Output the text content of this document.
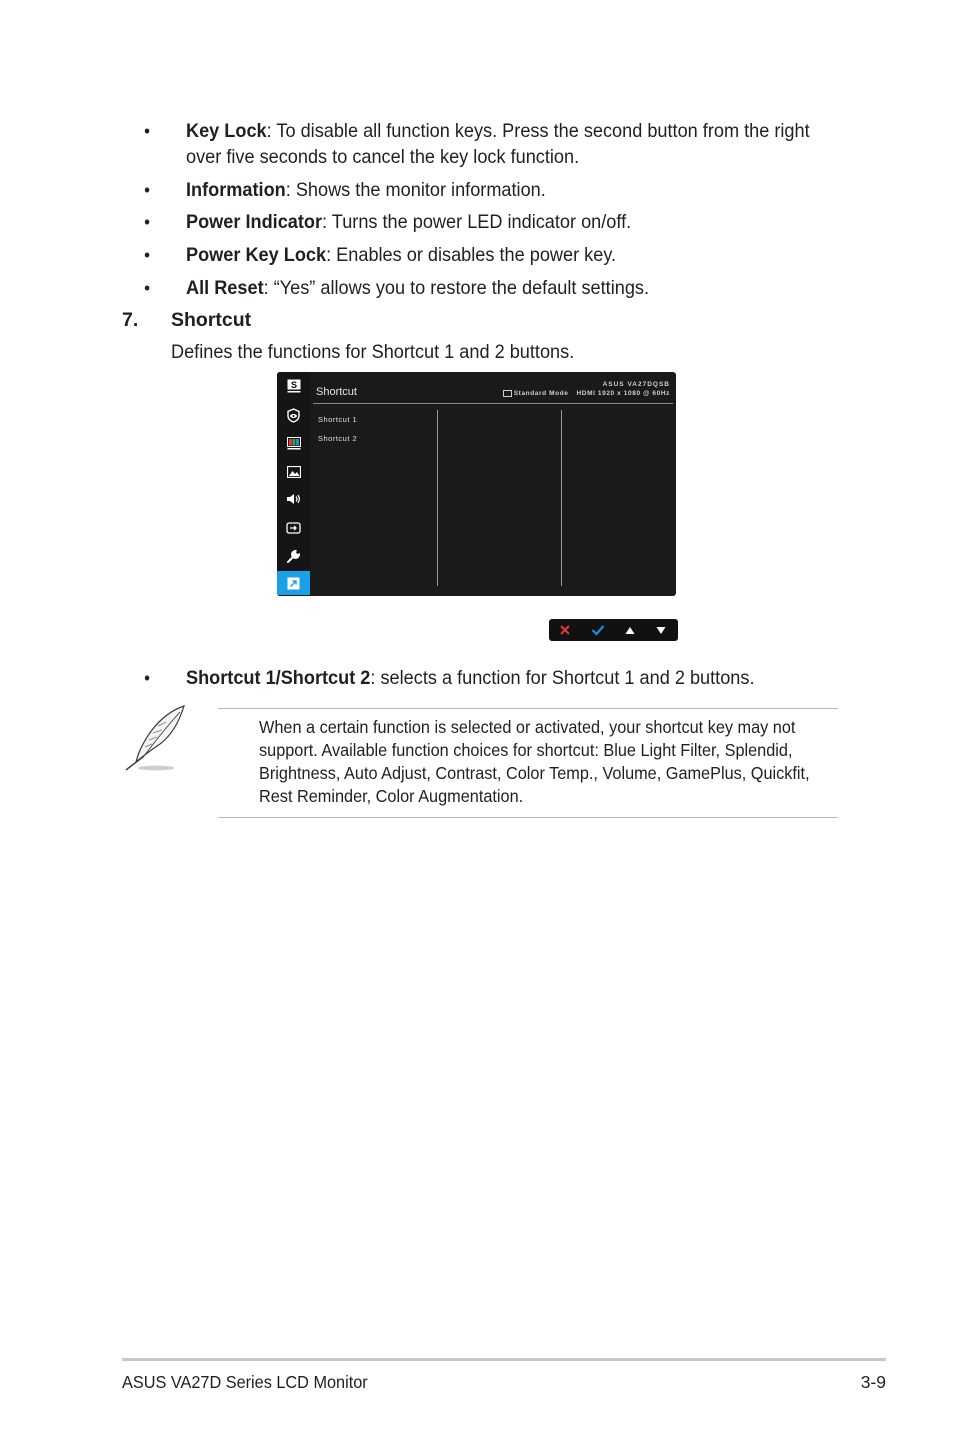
• Key Lock: To disable all function keys. Press the second button from the right over five seconds to cancel the key lock function.
• Information: Shows the monitor information.
• Power Indicator: Turns the power LED indicator on/off.
• Power Key Lock: Enables or disables the power key.
• All Reset: “Yes” allows you to restore the default settings.
7. Shortcut
Defines the functions for Shortcut 1 and 2 buttons.
S
Shortcut
ASUS VA27DQSB
Standard Mode HDMI 1920 x 1080 @ 60Hz
Shortcut 1
Shortcut 2
• Shortcut 1/Shortcut 2: selects a function for Shortcut 1 and 2 buttons.
When a certain function is selected or activated, your shortcut key may not support. Available function choices for shortcut: Blue Light Filter, Splendid, Brightness, Auto Adjust, Contrast, Color Temp., Volume, GamePlus, Quickfit, Rest Reminder, Color Augmentation.
ASUS VA27D Series LCD Monitor	3-9
